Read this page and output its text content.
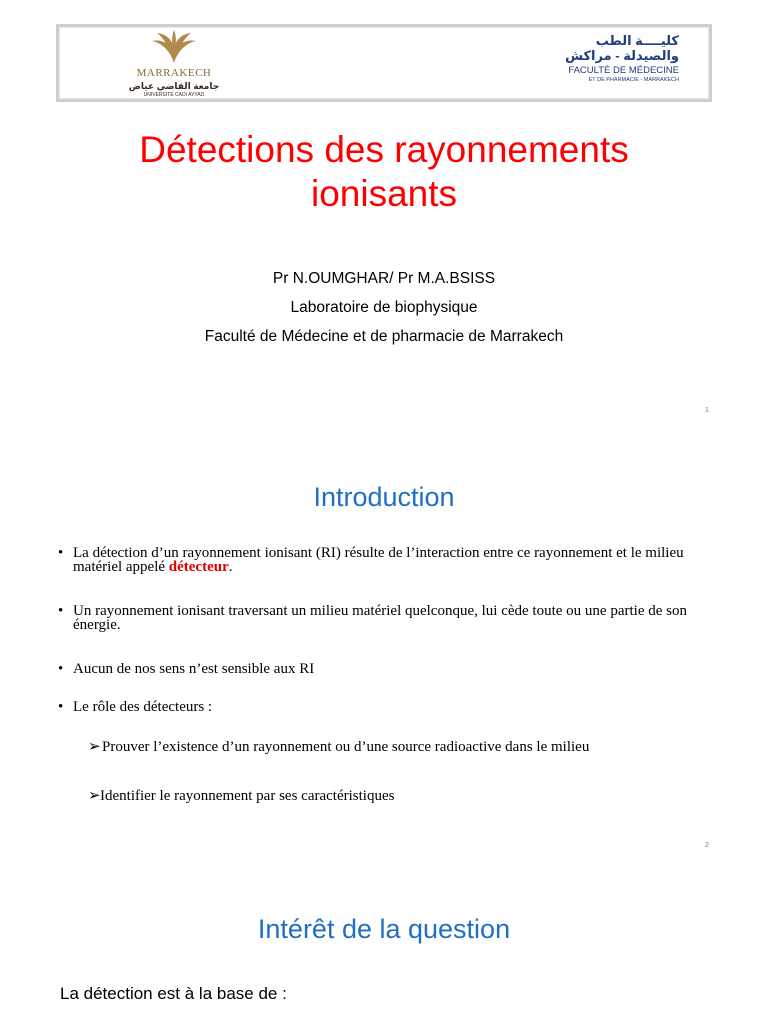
MARRAKECH
جامعة القاضي عياض
UNIVERSITÉ CADI AYYAD
كليــــة الطب
والصيدلة - مراكش
FACULTÉ DE MÉDECINE
ET DE PHARMACIE - MARRAKECH
Détections des rayonnements
ionisants
Pr N.OUMGHAR/ Pr M.A.BSISS
Laboratoire de biophysique
Faculté de Médecine et de pharmacie de Marrakech
1
Introduction
• La détection d’un rayonnement ionisant (RI) résulte de l’interaction entre ce rayonnement et le milieu matériel appelé détecteur.
• Un rayonnement ionisant traversant un milieu matériel quelconque, lui cède toute ou une partie de son énergie.
• Aucun de nos sens n’est sensible aux RI
• Le rôle des détecteurs :
➢ Prouver l’existence d’un rayonnement ou d’une source radioactive dans le milieu
➢ Identifier le rayonnement par ses caractéristiques
2
Intérêt de la question
La détection est à la base de :
